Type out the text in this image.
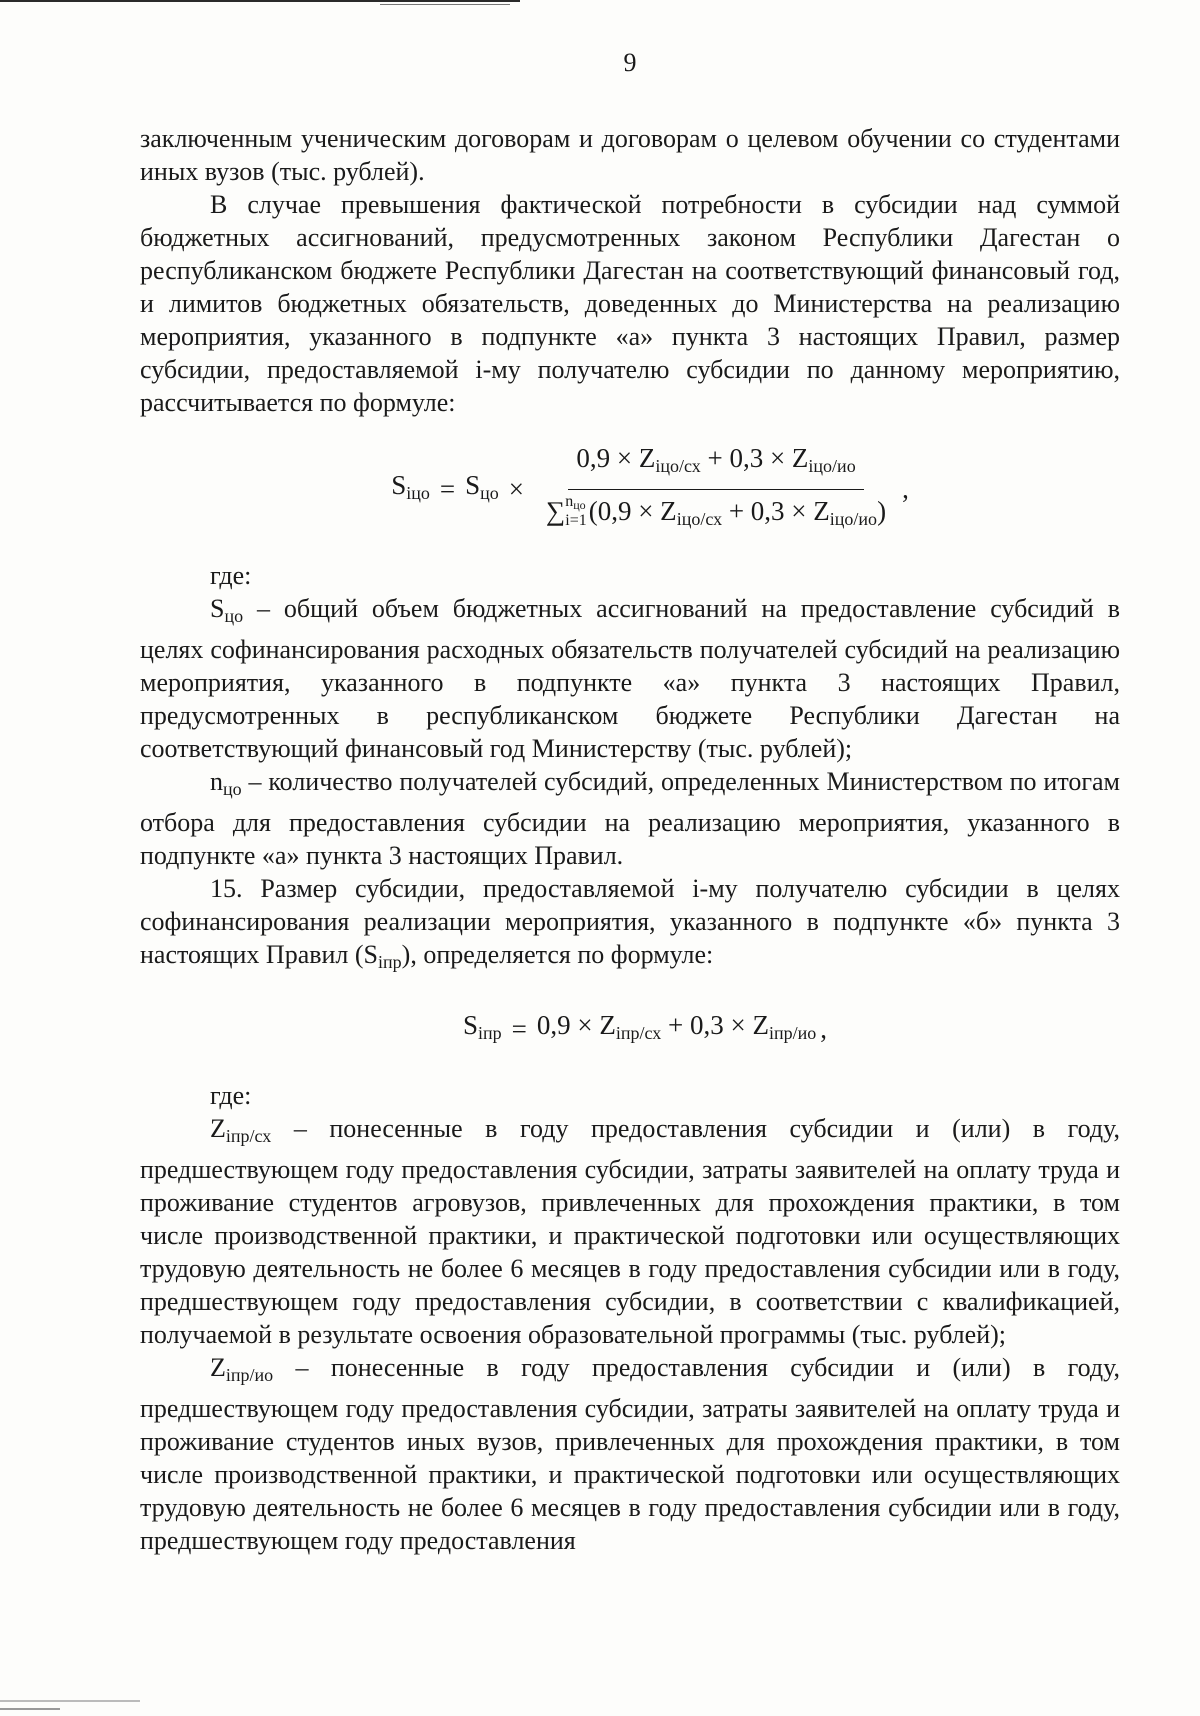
9

заключенным ученическим договорам и договорам о целевом обучении со студентами иных вузов (тыс. рублей).

В случае превышения фактической потребности в субсидии над суммой бюджетных ассигнований, предусмотренных законом Республики Дагестан о республиканском бюджете Республики Дагестан на соответствующий финансовый год, и лимитов бюджетных обязательств, доведенных до Министерства на реализацию мероприятия, указанного в подпункте «а» пункта 3 настоящих Правил, размер субсидии, предоставляемой i-му получателю субсидии по данному мероприятию, рассчитывается по формуле:

$S_{iцо} = S_{цо}$ ×
$0,9 \times Z_{iцо/сх} + 0,3 \times Z_{iцо/ио}$
∑ $n_{цо}$
i=1 $(0,9 \times Z_{iцо/сх} + 0,3 \times Z_{iцо/ио})$
,

где:

$S_{цо}$ – общий объем бюджетных ассигнований на предоставление субсидий в целях софинансирования расходных обязательств получателей субсидий на реализацию мероприятия, указанного в подпункте «а» пункта 3 настоящих Правил, предусмотренных в республиканском бюджете Республики Дагестан на соответствующий финансовый год Министерству (тыс. рублей);

$n_{цо}$ – количество получателей субсидий, определенных Министерством по итогам отбора для предоставления субсидии на реализацию мероприятия, указанного в подпункте «а» пункта 3 настоящих Правил.

15. Размер субсидии, предоставляемой i-му получателю субсидии в целях софинансирования реализации мероприятия, указанного в подпункте «б» пункта 3 настоящих Правил $(S_{iпр})$, определяется по формуле:

$S_{iпр} = 0,9 \times Z_{iпр/сх} + 0,3 \times Z_{iпр/ио}$ ,

где:

$Z_{iпр/сх}$ – понесенные в году предоставления субсидии и (или) в году, предшествующем году предоставления субсидии, затраты заявителей на оплату труда и проживание студентов агровузов, привлеченных для прохождения практики, в том числе производственной практики, и практической подготовки или осуществляющих трудовую деятельность не более 6 месяцев в году предоставления субсидии или в году, предшествующем году предоставления субсидии, в соответствии с квалификацией, получаемой в результате освоения образовательной программы (тыс. рублей);

$Z_{iпр/ио}$ – понесенные в году предоставления субсидии и (или) в году, предшествующем году предоставления субсидии, затраты заявителей на оплату труда и проживание студентов иных вузов, привлеченных для прохождения практики, в том числе производственной практики, и практической подготовки или осуществляющих трудовую деятельность не более 6 месяцев в году предоставления субсидии или в году, предшествующем году предоставления
